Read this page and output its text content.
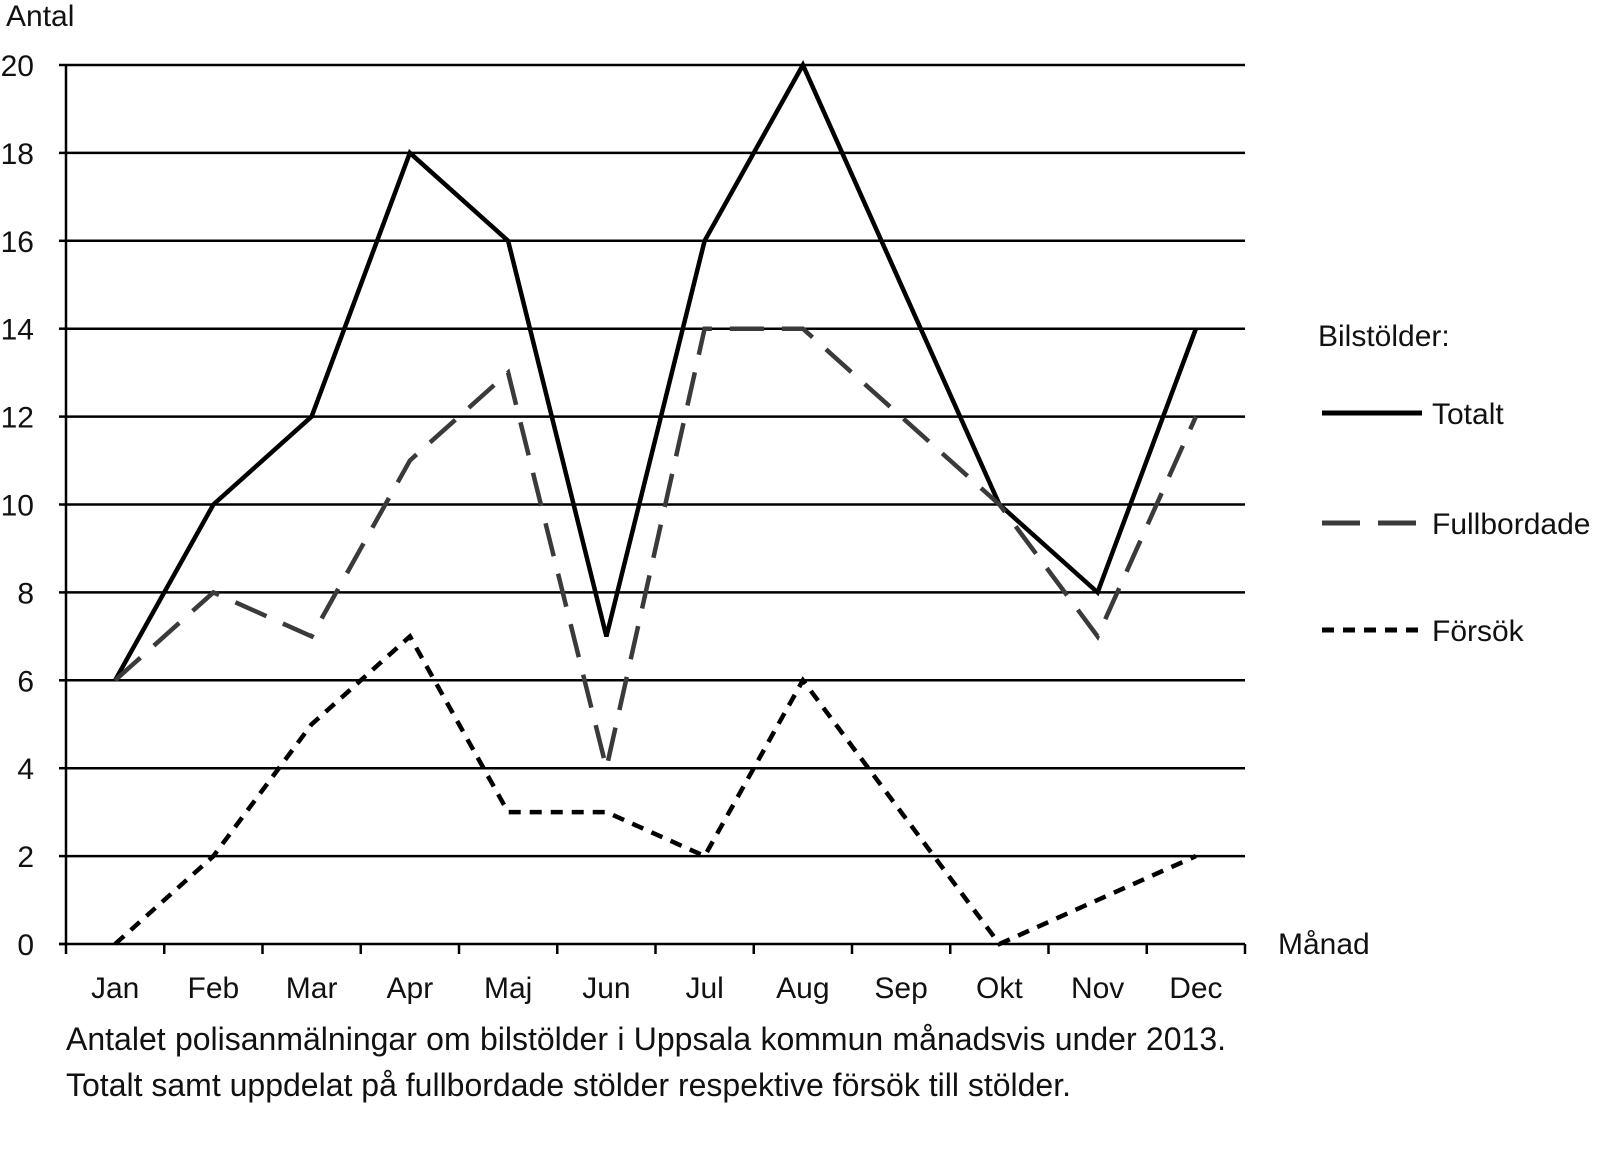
0
2
4
6
8
10
12
14
16
18
20
Jan Feb Mar Apr Maj Jun Jul Aug Sep Okt Nov Dec
Antal
Månad
Bilstölder:
Totalt
Fullbordade
Försök

Antalet polisanmälningar om bilstölder i Uppsala kommun månadsvis under 2013. Totalt samt uppdelat på fullbordade stölder respektive försök till stölder.
